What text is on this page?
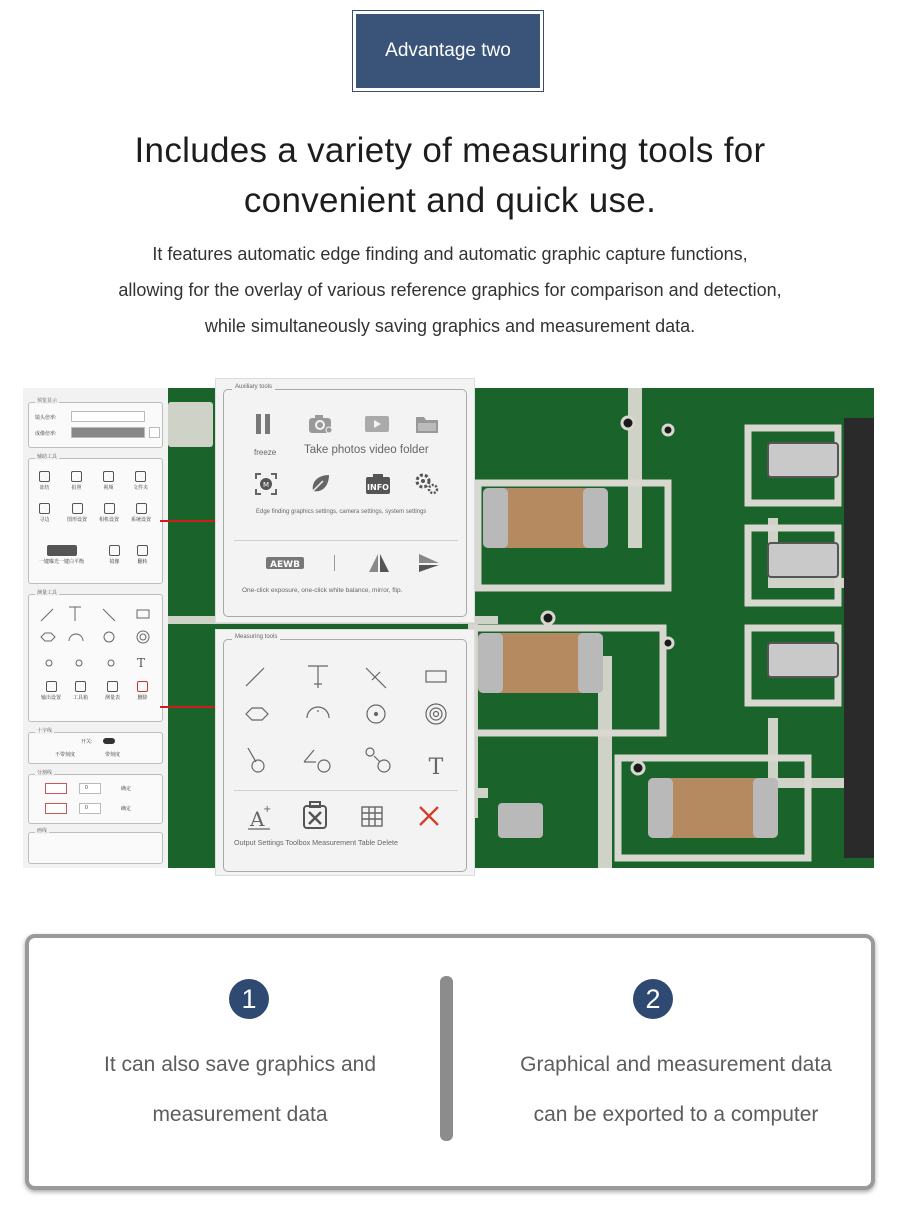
Advantage two
Includes a variety of measuring tools for
convenient and quick use.
It features automatic edge finding and automatic graphic capture functions,
allowing for the overlay of various reference graphics for comparison and detection,
while simultaneously saving graphics and measurement data.
预览显示
镜头倍率:
成像倍率:
辅助工具
冻结	拍照	视频	文件夹
寻边	图形设置 相机设置 系统设置
一键曝光一键白平衡	镜像	翻转
测量工具
T
输出设置 工具箱	测量表	删除
十字线
开关:
不带刻度	带刻度
分割线
0	确定
0	确定
画线
Auxiliary tools
freeze Take photos video folder
M	INFO
Edge finding graphics settings, camera settings, system settings
AEWB
One-click exposure, one-click white balance, mirror, flip.
Measuring tools
T
A
+
Output Settings Toolbox Measurement Table Delete
1
It can also save graphics and
measurement data
2
Graphical and measurement data
can be exported to a computer
